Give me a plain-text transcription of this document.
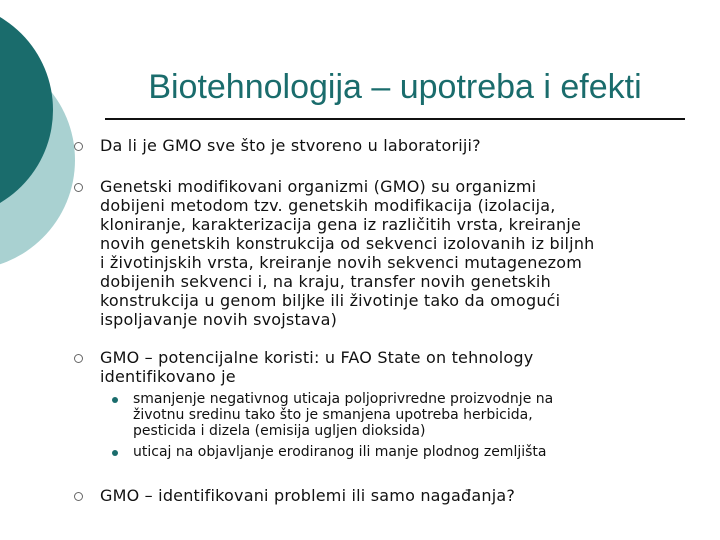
Biotehnologija – upotreba i efekti
Da li je GMO sve što je stvoreno u laboratoriji?
Genetski modifikovani organizmi (GMO) su organizmi
dobijeni metodom tzv. genetskih modifikacija (izolacija,
kloniranje, karakterizacija gena iz različitih vrsta, kreiranje
novih genetskih konstrukcija od sekvenci izolovanih iz biljnh
i životinjskih vrsta, kreiranje novih sekvenci mutagenezom
dobijenih sekvenci i, na kraju, transfer novih genetskih
konstrukcija u genom biljke ili životinje tako da omogući
ispoljavanje novih svojstava)
GMO – potencijalne koristi: u FAO State on tehnology
identifikovano je
smanjenje negativnog uticaja poljoprivredne proizvodnje na
životnu sredinu tako što je smanjena upotreba herbicida,
pesticida i dizela (emisija ugljen dioksida)
uticaj na objavljanje erodiranog ili manje plodnog zemljišta
GMO – identifikovani problemi ili samo nagađanja?
